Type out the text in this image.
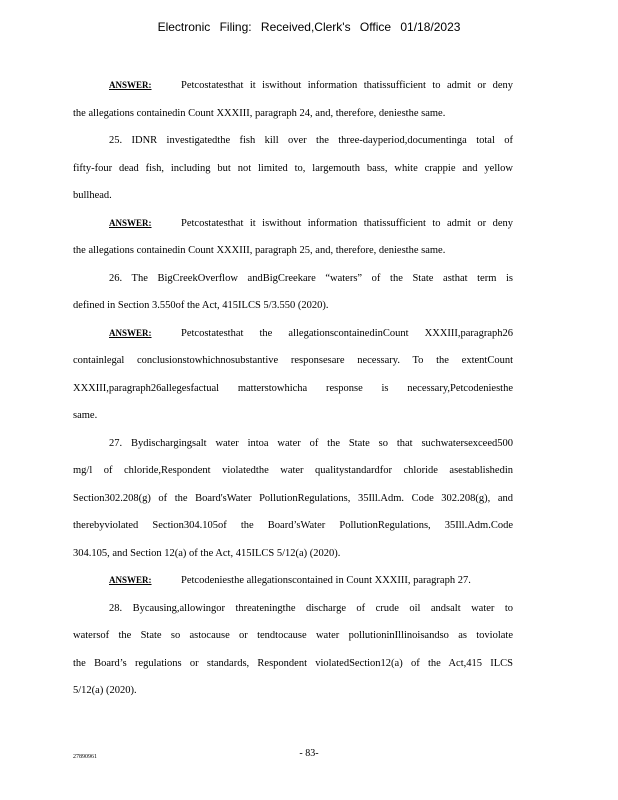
Electronic Filing: Received,Clerk's Office 01/18/2023
ANSWER:	Petcostatesthat it iswithout information thatissufficient to admit or deny
the allegations containedin Count XXXIII, paragraph 24, and, therefore, deniesthe same.
25. IDNR investigatedthe fish kill over the three-dayperiod,documentinga total of
fifty-four dead fish, including but not limited to, largemouth bass, white crappie and yellow
bullhead.
ANSWER:	Petcostatesthat it iswithout information thatissufficient to admit or deny
the allegations containedin Count XXXIII, paragraph 25, and, therefore, deniesthe same.
26. The BigCreekOverflow andBigCreekare “waters” of the State asthat term is
defined in Section 3.550of the Act, 415ILCS 5/3.550 (2020).
ANSWER:	Petcostatesthat the allegationscontainedinCount XXXIII,paragraph26
containlegal conclusionstowhichnosubstantive responsesare necessary. To the extentCount
XXXIII,paragraph26allegesfactual matterstowhicha response is necessary,Petcodeniesthe
same.
27. Bydischargingsalt water intoa water of the State so that suchwatersexceed500
mg/l of chloride,Respondent violatedthe water qualitystandardfor chloride asestablishedin
Section302.208(g) of the Board'sWater PollutionRegulations, 35Ill.Adm. Code 302.208(g), and
therebyviolated Section304.105of the Board’sWater PollutionRegulations, 35Ill.Adm.Code
304.105, and Section 12(a) of the Act, 415ILCS 5/12(a) (2020).
ANSWER:	Petcodeniesthe allegationscontained in Count XXXIII, paragraph 27.
28. Bycausing,allowingor threateningthe discharge of crude oil andsalt water to
watersof the State so astocause or tendtocause water pollutioninIllinoisandso as toviolate
the Board’s regulations or standards, Respondent violatedSection12(a) of the Act,415 ILCS
5/12(a) (2020).
27890961	- 83-
